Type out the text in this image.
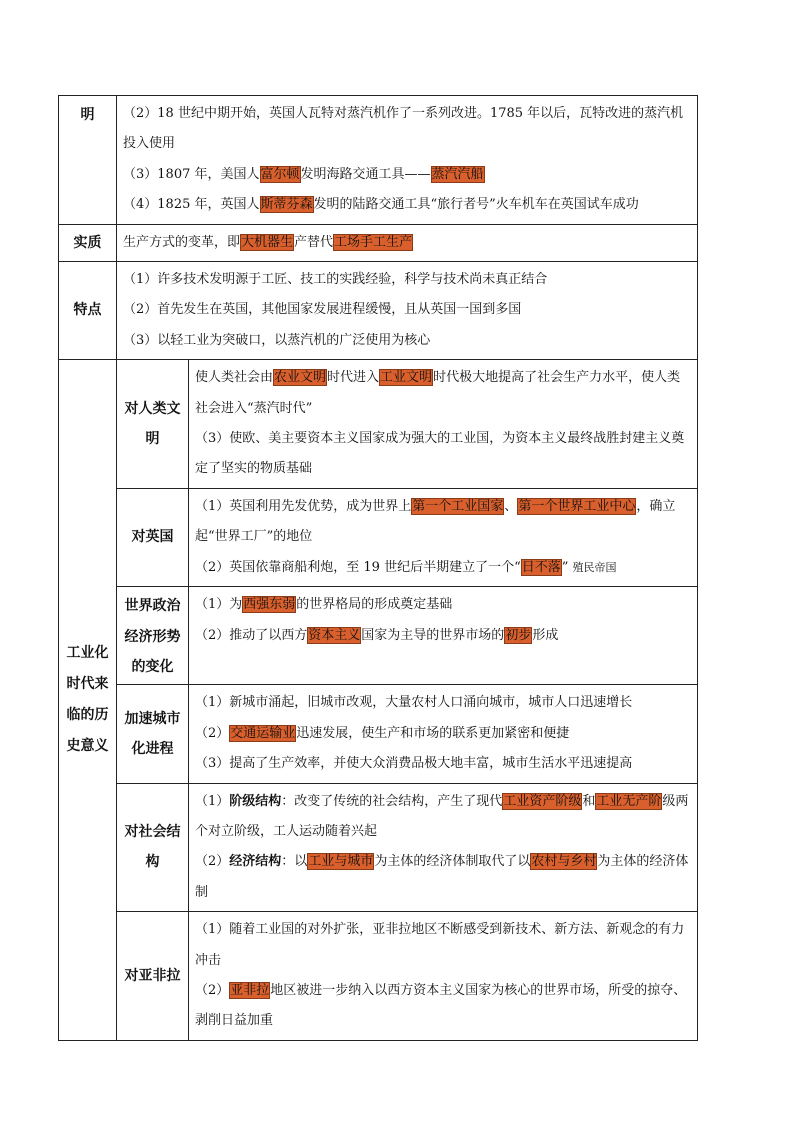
明	（2）18 世纪中期开始，英国人瓦特对蒸汽机作了一系列改进。1785 年以后，瓦特改进的蒸汽机投入使用
（3）1807 年，美国人富尔顿发明海路交通工具——蒸汽汽船
（4）1825 年，英国人斯蒂芬森发明的陆路交通工具“旅行者号”火车机车在英国试车成功	

实质	生产方式的变革，即大机器生产替代工场手工生产	

特点	（1）许多技术发明源于工匠、技工的实践经验，科学与技术尚未真正结合
（2）首先发生在英国，其他国家发展进程缓慢，且从英国一国到多国
（3）以轻工业为突破口，以蒸汽机的广泛使用为核心	

工业化时代来临的历史意义	对人类文明	使人类社会由农业文明时代进入工业文明时代极大地提高了社会生产力水平，使人类社会进入“蒸汽时代”
（3）使欧、美主要资本主义国家成为强大的工业国，为资本主义最终战胜封建主义奠定了坚实的物质基础

	对英国	（1）英国利用先发优势，成为世界上第一个工业国家、第一个世界工业中心，确立起“世界工厂”的地位
（2）英国依靠商船利炮，至 19 世纪后半期建立了一个“日不落” 殖民帝国

	世界政治经济形势的变化	（1）为西强东弱的世界格局的形成奠定基础
（2）推动了以西方资本主义国家为主导的世界市场的初步形成

	加速城市化进程	（1）新城市涌起，旧城市改观，大量农村人口涌向城市，城市人口迅速增长
（2）交通运输业迅速发展，使生产和市场的联系更加紧密和便捷
（3）提高了生产效率，并使大众消费品极大地丰富，城市生活水平迅速提高

	对社会结构	（1）阶级结构：改变了传统的社会结构，产生了现代工业资产阶级和工业无产阶级两个对立阶级，工人运动随着兴起
（2）经济结构：以工业与城市为主体的经济体制取代了以农村与乡村为主体的经济体制

	对亚非拉	（1）随着工业国的对外扩张，亚非拉地区不断感受到新技术、新方法、新观念的有力冲击
（2）亚非拉地区被进一步纳入以西方资本主义国家为核心的世界市场，所受的掠夺、剥削日益加重
